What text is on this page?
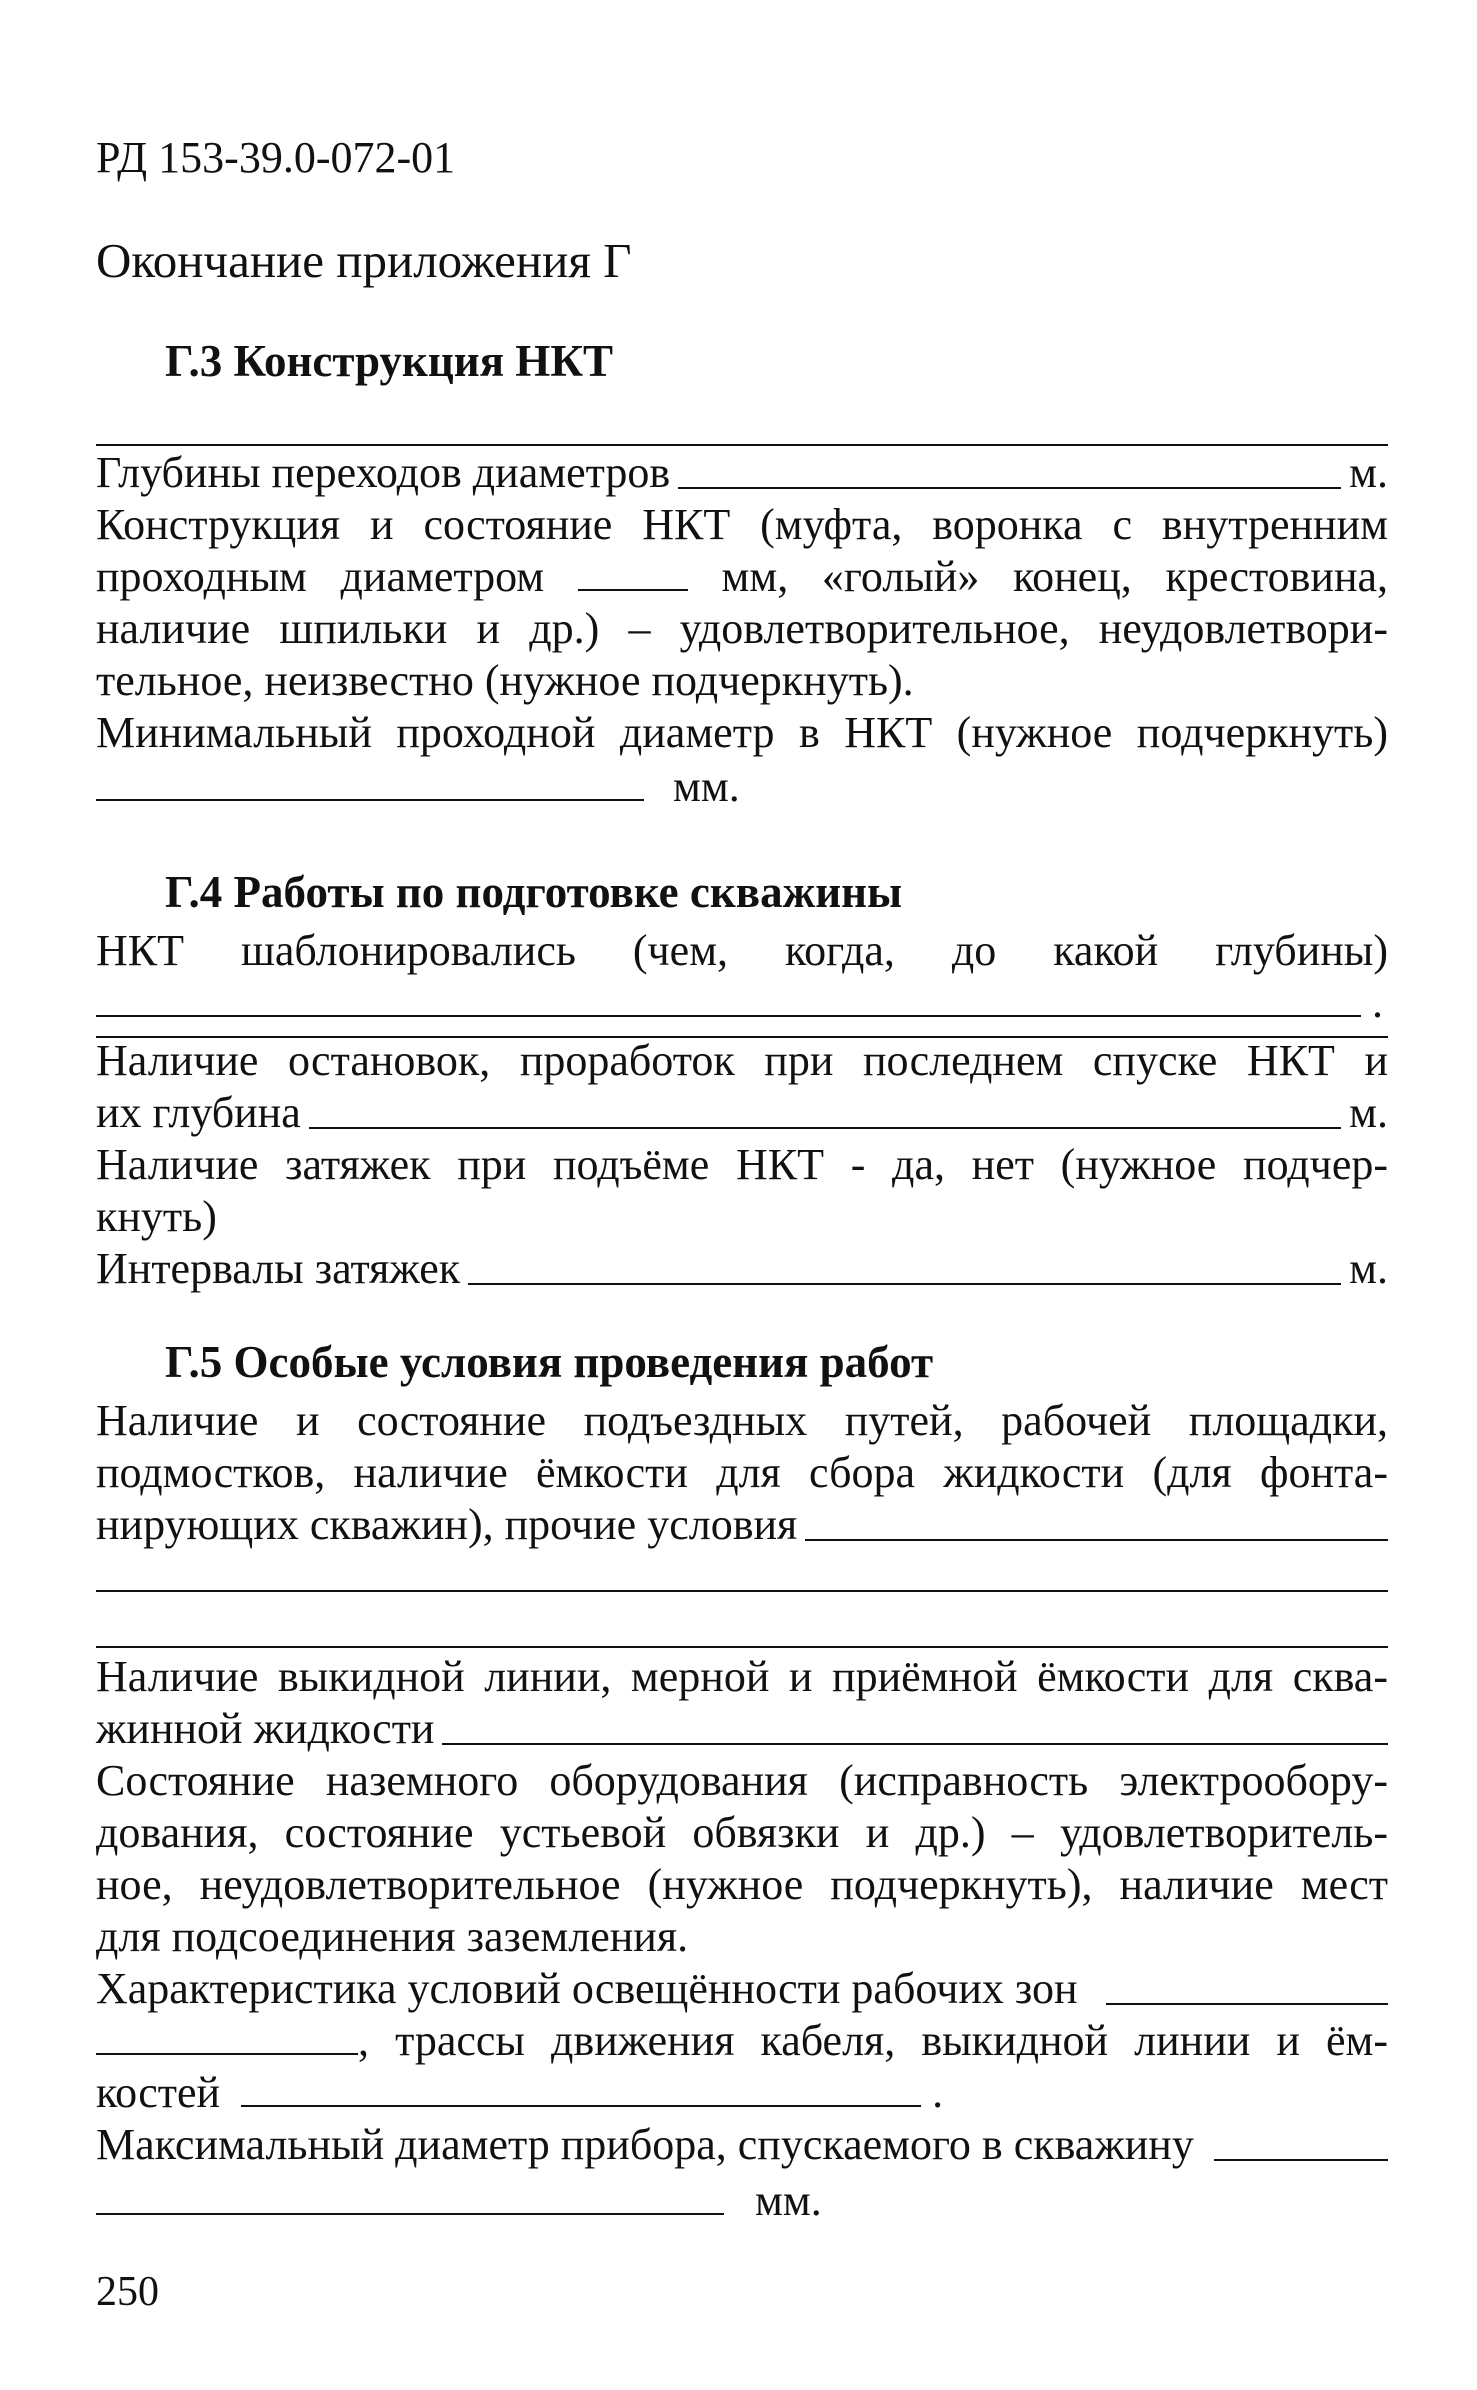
РД 153-39.0-072-01
Окончание приложения Г
Г.3 Конструкция НКТ
Глубины переходов диаметров	м.
Конструкция и состояние НКТ (муфта, воронка с внутренним
проходным диаметром	мм, «голый» конец, крестовина,
наличие шпильки и др.) – удовлетворительное, неудовлетвори-
тельное, неизвестно (нужное подчеркнуть).
Минимальный проходной диаметр в НКТ (нужное подчеркнуть)
мм.
Г.4 Работы по подготовке скважины
НКТ шаблонировались (чем, когда, до какой глубины)
.
Наличие остановок, проработок при последнем спуске НКТ и
их глубина	м.
Наличие затяжек при подъёме НКТ - да, нет (нужное подчер-
кнуть)
Интервалы затяжек	м.
Г.5 Особые условия проведения работ
Наличие и состояние подъездных путей, рабочей площадки,
подмостков, наличие ёмкости для сбора жидкости (для фонта-
нирующих скважин), прочие условия
Наличие выкидной линии, мерной и приёмной ёмкости для сква-
жинной жидкости
Состояние наземного оборудования (исправность электрообору-
дования, состояние устьевой обвязки и др.) – удовлетворитель-
ное, неудовлетворительное (нужное подчеркнуть), наличие мест
для подсоединения заземления.
Характеристика условий освещённости рабочих зон
, трассы движения кабеля, выкидной линии и ём-
костей	.
Максимальный диаметр прибора, спускаемого в скважину
мм.
250
